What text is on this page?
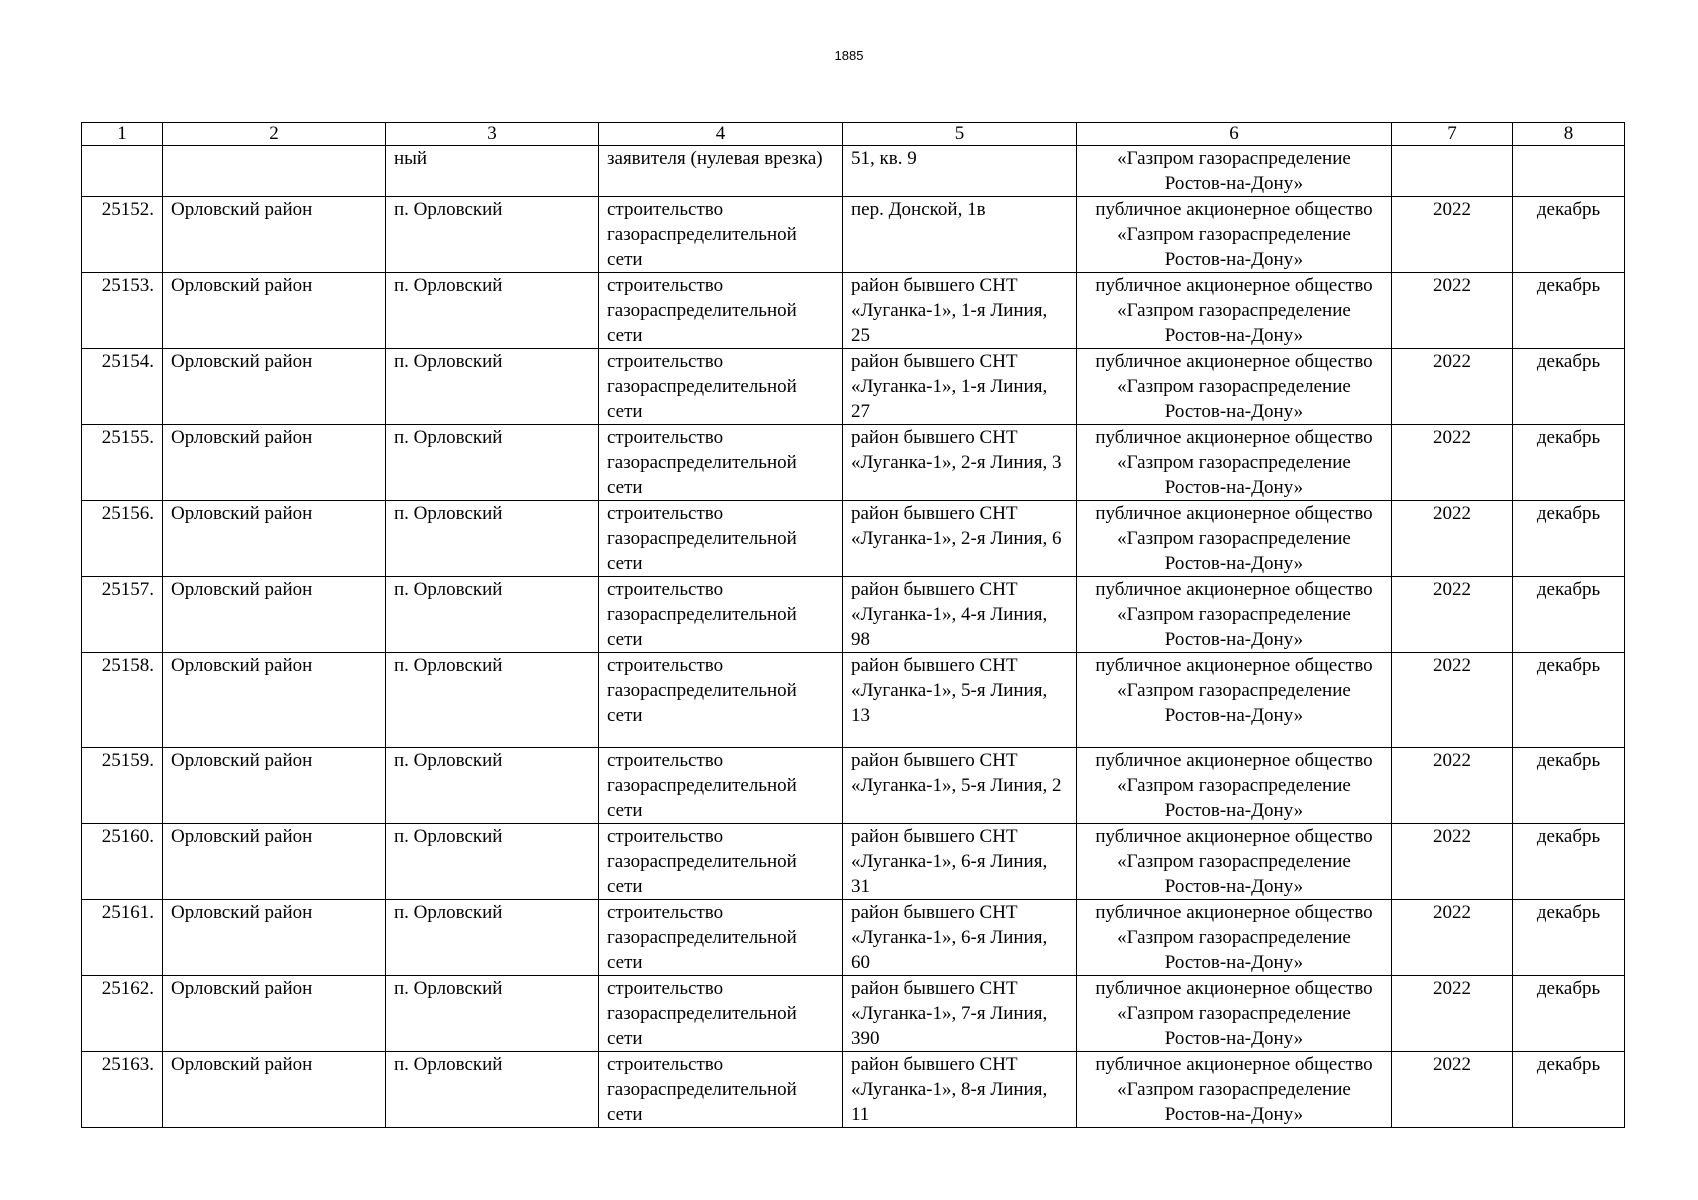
1885
1	2	3	4	5	6	7	8
		ный	заявителя (нулевая врезка)	51, кв. 9	«Газпром газораспределение Ростов-на-Дону»		
25152.	Орловский район	п. Орловский	строительство газораспределительной сети	пер. Донской, 1в	публичное акционерное общество «Газпром газораспределение Ростов-на-Дону»	2022	декабрь
25153.	Орловский район	п. Орловский	строительство газораспределительной сети	район бывшего СНТ «Луганка-1», 1-я Линия, 25	публичное акционерное общество «Газпром газораспределение Ростов-на-Дону»	2022	декабрь
25154.	Орловский район	п. Орловский	строительство газораспределительной сети	район бывшего СНТ «Луганка-1», 1-я Линия, 27	публичное акционерное общество «Газпром газораспределение Ростов-на-Дону»	2022	декабрь
25155.	Орловский район	п. Орловский	строительство газораспределительной сети	район бывшего СНТ «Луганка-1», 2-я Линия, 3	публичное акционерное общество «Газпром газораспределение Ростов-на-Дону»	2022	декабрь
25156.	Орловский район	п. Орловский	строительство газораспределительной сети	район бывшего СНТ «Луганка-1», 2-я Линия, 6	публичное акционерное общество «Газпром газораспределение Ростов-на-Дону»	2022	декабрь
25157.	Орловский район	п. Орловский	строительство газораспределительной сети	район бывшего СНТ «Луганка-1», 4-я Линия, 98	публичное акционерное общество «Газпром газораспределение Ростов-на-Дону»	2022	декабрь
25158.	Орловский район	п. Орловский	строительство газораспределительной сети	район бывшего СНТ «Луганка-1», 5-я Линия, 13	публичное акционерное общество «Газпром газораспределение Ростов-на-Дону»	2022	декабрь
25159.	Орловский район	п. Орловский	строительство газораспределительной сети	район бывшего СНТ «Луганка-1», 5-я Линия, 2	публичное акционерное общество «Газпром газораспределение Ростов-на-Дону»	2022	декабрь
25160.	Орловский район	п. Орловский	строительство газораспределительной сети	район бывшего СНТ «Луганка-1», 6-я Линия, 31	публичное акционерное общество «Газпром газораспределение Ростов-на-Дону»	2022	декабрь
25161.	Орловский район	п. Орловский	строительство газораспределительной сети	район бывшего СНТ «Луганка-1», 6-я Линия, 60	публичное акционерное общество «Газпром газораспределение Ростов-на-Дону»	2022	декабрь
25162.	Орловский район	п. Орловский	строительство газораспределительной сети	район бывшего СНТ «Луганка-1», 7-я Линия, 390	публичное акционерное общество «Газпром газораспределение Ростов-на-Дону»	2022	декабрь
25163.	Орловский район	п. Орловский	строительство газораспределительной сети	район бывшего СНТ «Луганка-1», 8-я Линия, 11	публичное акционерное общество «Газпром газораспределение Ростов-на-Дону»	2022	декабрь
